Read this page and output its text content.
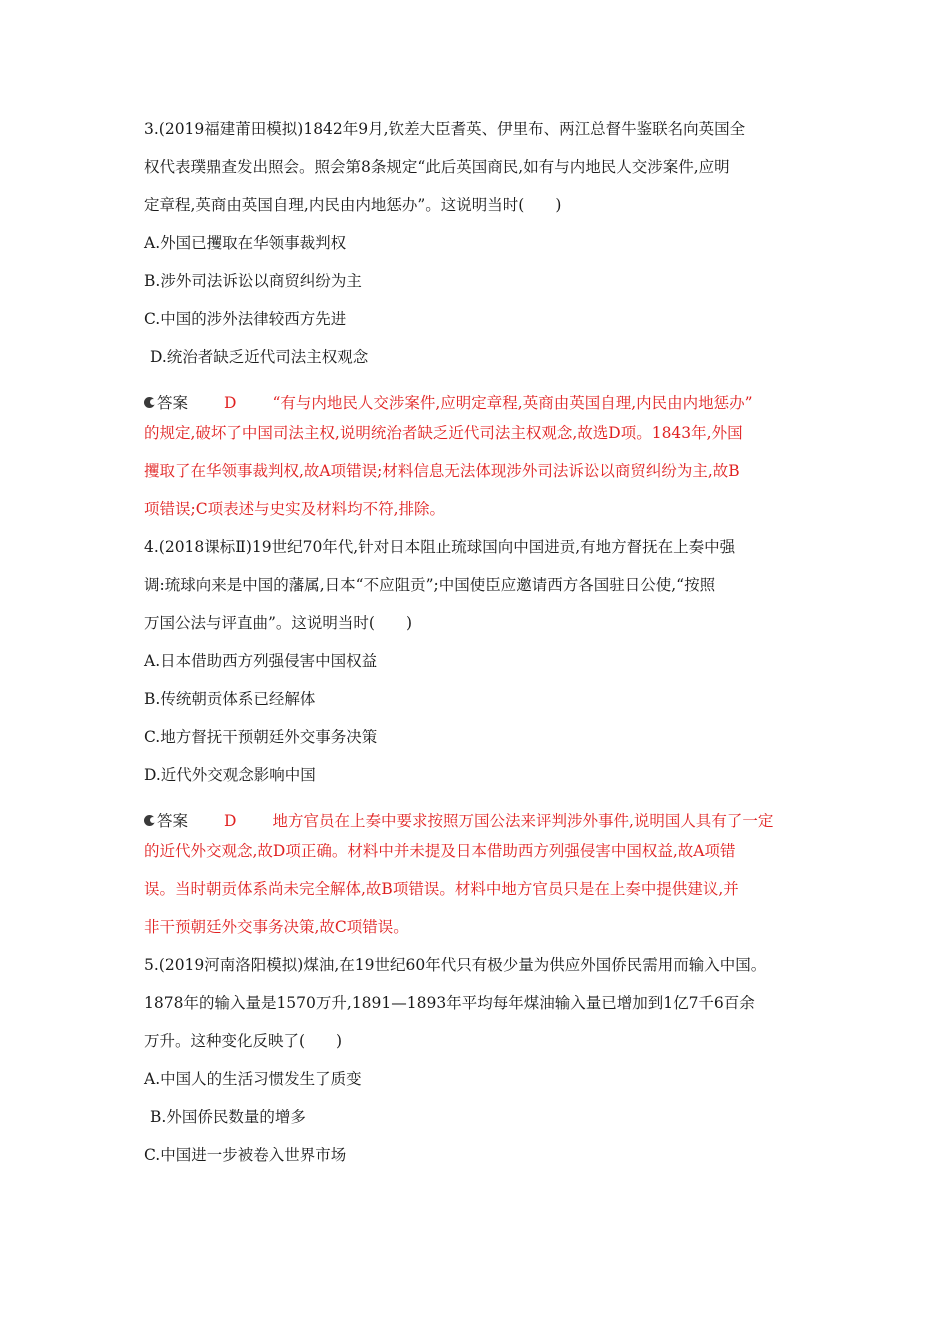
3.(2019福建莆田模拟)1842年9月,钦差大臣耆英、伊里布、两江总督牛鉴联名向英国全

权代表璞鼎查发出照会。照会第8条规定“此后英国商民,如有与内地民人交涉案件,应明

定章程,英商由英国自理,内民由内地惩办”。这说明当时(　　)

A.外国已攫取在华领事裁判权

B.涉外司法诉讼以商贸纠纷为主

C.中国的涉外法律较西方先进

D.统治者缺乏近代司法主权观念

答案 D “有与内地民人交涉案件,应明定章程,英商由英国自理,内民由内地惩办”

的规定,破坏了中国司法主权,说明统治者缺乏近代司法主权观念,故选D项。1843年,外国

攫取了在华领事裁判权,故A项错误;材料信息无法体现涉外司法诉讼以商贸纠纷为主,故B

项错误;C项表述与史实及材料均不符,排除。

4.(2018课标Ⅱ)19世纪70年代,针对日本阻止琉球国向中国进贡,有地方督抚在上奏中强

调:琉球向来是中国的藩属,日本“不应阻贡”;中国使臣应邀请西方各国驻日公使,“按照

万国公法与评直曲”。这说明当时(　　)

A.日本借助西方列强侵害中国权益

B.传统朝贡体系已经解体

C.地方督抚干预朝廷外交事务决策

D.近代外交观念影响中国

答案 D 地方官员在上奏中要求按照万国公法来评判涉外事件,说明国人具有了一定

的近代外交观念,故D项正确。材料中并未提及日本借助西方列强侵害中国权益,故A项错

误。当时朝贡体系尚未完全解体,故B项错误。材料中地方官员只是在上奏中提供建议,并

非干预朝廷外交事务决策,故C项错误。

5.(2019河南洛阳模拟)煤油,在19世纪60年代只有极少量为供应外国侨民需用而输入中国。

1878年的输入量是1570万升,1891—1893年平均每年煤油输入量已增加到1亿7千6百余

万升。这种变化反映了(　　)

A.中国人的生活习惯发生了质变

B.外国侨民数量的增多

C.中国进一步被卷入世界市场
